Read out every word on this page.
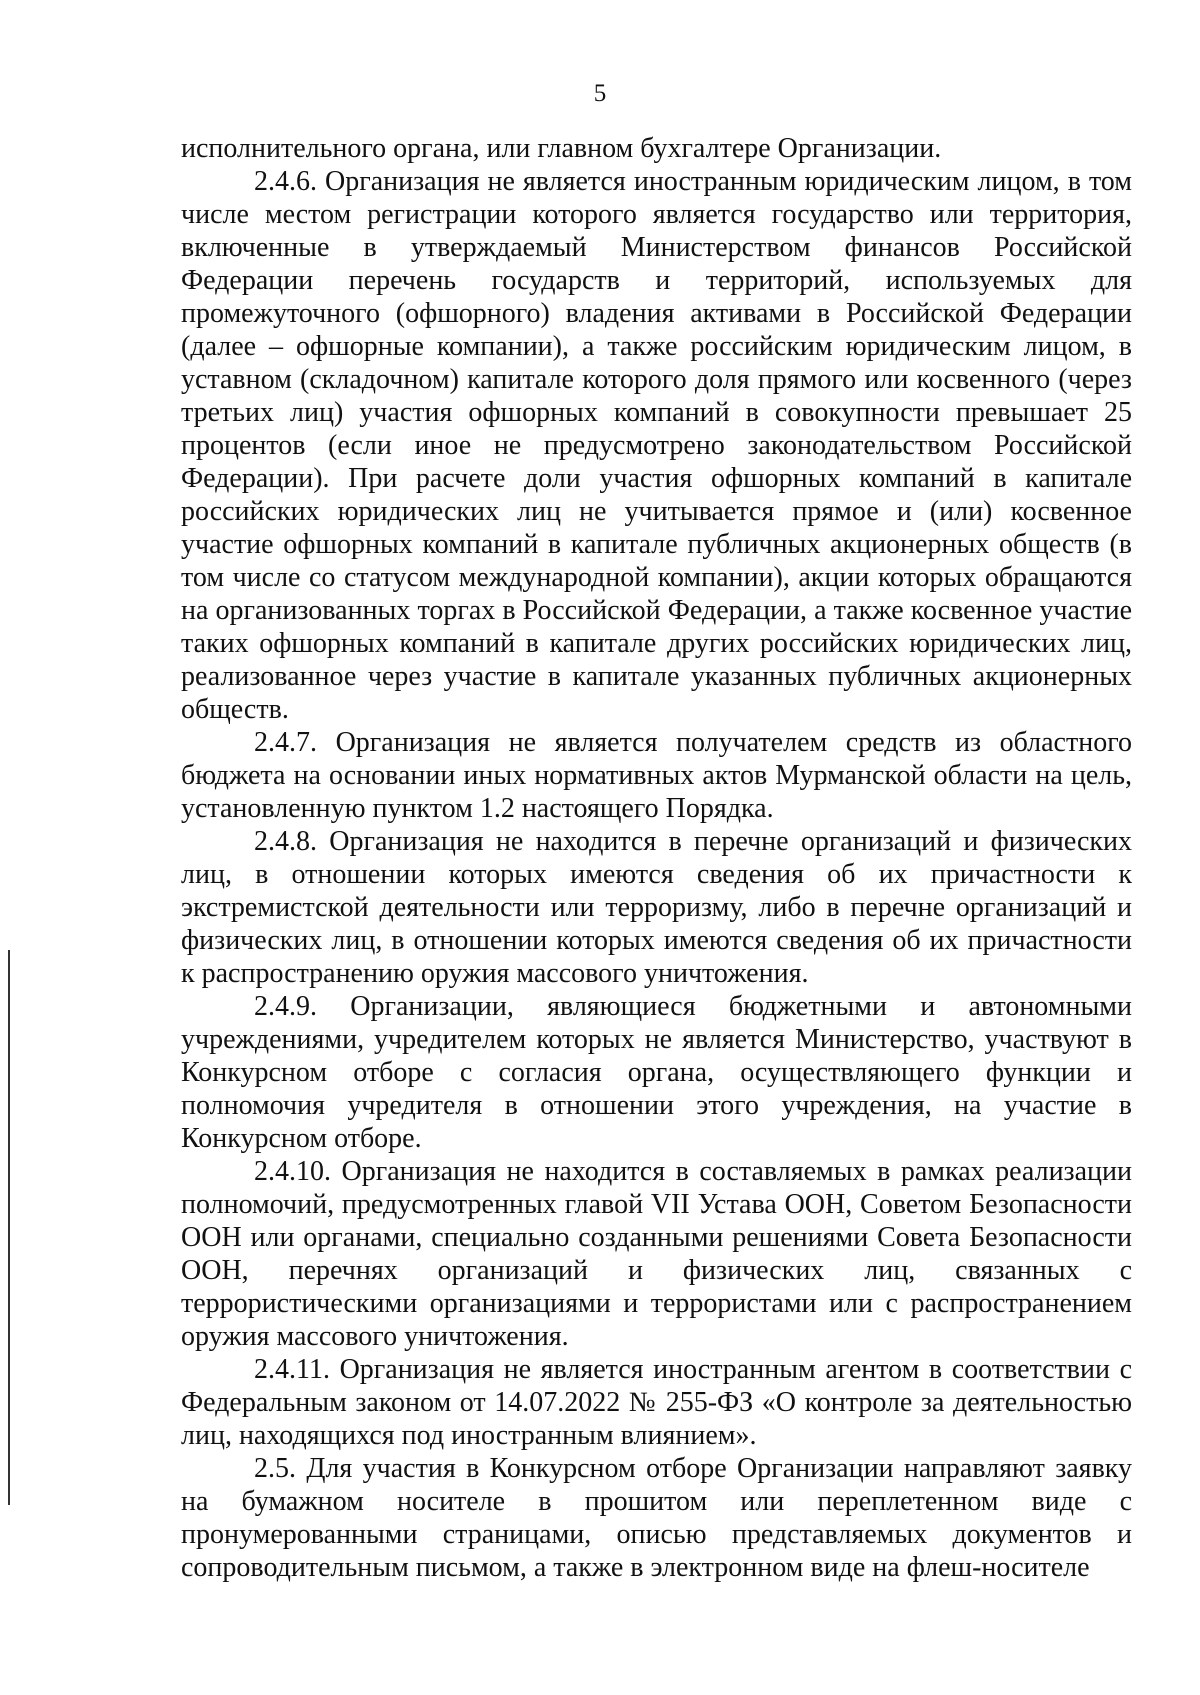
5

исполнительного органа, или главном бухгалтере Организации.

2.4.6. Организация не является иностранным юридическим лицом, в том числе местом регистрации которого является государство или территория, включенные в утверждаемый Министерством финансов Российской Федерации перечень государств и территорий, используемых для промежуточного (офшорного) владения активами в Российской Федерации (далее – офшорные компании), а также российским юридическим лицом, в уставном (складочном) капитале которого доля прямого или косвенного (через третьих лиц) участия офшорных компаний в совокупности превышает 25 процентов (если иное не предусмотрено законодательством Российской Федерации). При расчете доли участия офшорных компаний в капитале российских юридических лиц не учитывается прямое и (или) косвенное участие офшорных компаний в капитале публичных акционерных обществ (в том числе со статусом международной компании), акции которых обращаются на организованных торгах в Российской Федерации, а также косвенное участие таких офшорных компаний в капитале других российских юридических лиц, реализованное через участие в капитале указанных публичных акционерных обществ.

2.4.7. Организация не является получателем средств из областного бюджета на основании иных нормативных актов Мурманской области на цель, установленную пунктом 1.2 настоящего Порядка.

2.4.8. Организация не находится в перечне организаций и физических лиц, в отношении которых имеются сведения об их причастности к экстремистской деятельности или терроризму, либо в перечне организаций и физических лиц, в отношении которых имеются сведения об их причастности к распространению оружия массового уничтожения.

2.4.9. Организации, являющиеся бюджетными и автономными учреждениями, учредителем которых не является Министерство, участвуют в Конкурсном отборе с согласия органа, осуществляющего функции и полномочия учредителя в отношении этого учреждения, на участие в Конкурсном отборе.

2.4.10. Организация не находится в составляемых в рамках реализации полномочий, предусмотренных главой VII Устава ООН, Советом Безопасности ООН или органами, специально созданными решениями Совета Безопасности ООН, перечнях организаций и физических лиц, связанных с террористическими организациями и террористами или с распространением оружия массового уничтожения.

2.4.11. Организация не является иностранным агентом в соответствии с Федеральным законом от 14.07.2022 № 255-ФЗ «О контроле за деятельностью лиц, находящихся под иностранным влиянием».

2.5. Для участия в Конкурсном отборе Организации направляют заявку на бумажном носителе в прошитом или переплетенном виде с пронумерованными страницами, описью представляемых документов и сопроводительным письмом, а также в электронном виде на флеш-носителе
